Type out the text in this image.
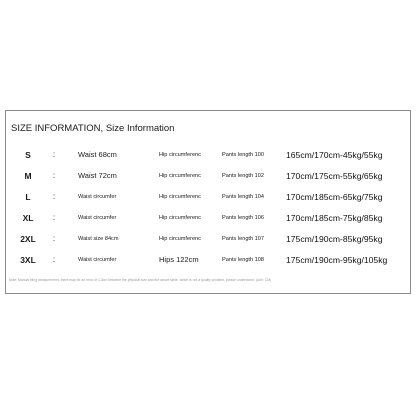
SIZE INFORMATION, Size Information
S	:	Waist 68cm	Hip circumferenc	Pants length 100	165cm/170cm-45kg/55kg
M	:	Waist 72cm	Hip circumferenc	Pants length 102	170cm/175cm-55kg/65kg
L	:	Waist circumfer	Hip circumferenc	Pants length 104	170cm/185cm-65kg/75kg
XL	:	Waist circumfer	Hip circumferenc	Pants length 106	170cm/185cm-75kg/85kg
2XL	:	Waist size 84cm	Hip circumferenc	Pants length 107	175cm/190cm-85kg/95kg
3XL	:	Waist circumfer	Hips 122cm	Pants length 108	175cm/190cm-95kg/105kg
Note: Manual tiling measurement, there may be an error of 1-3cm between the physical size and the above table, which is not a quality problem, please understand. (Unit: CM)
